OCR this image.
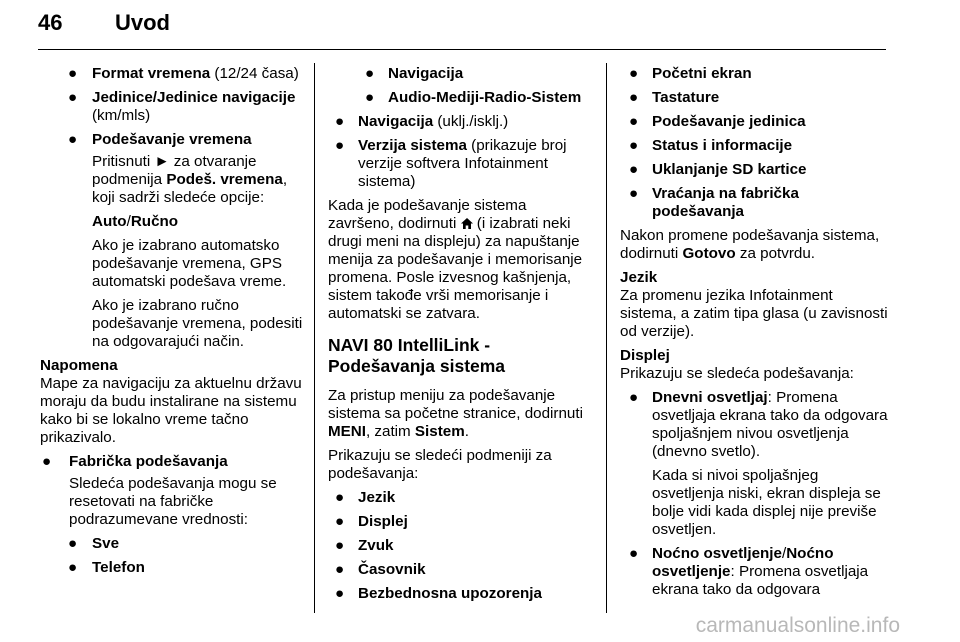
46 Uvod
● Format vremena (12/24 časa)
● Jedinice/Jedinice navigacije (km/mls)
● Podešavanje vremena
Pritisnuti ► za otvaranje podmenija Podeš. vremena, koji sadrži sledeće opcije:
Auto/Ručno
Ako je izabrano automatsko podešavanje vremena, GPS automatski podešava vreme.
Ako je izabrano ručno podešavanje vremena, podesiti na odgovarajući način.
Napomena
Mape za navigaciju za aktuelnu državu moraju da budu instalirane na sistemu kako bi se lokalno vreme tačno prikazivalo.
● Fabrička podešavanja
Sledeća podešavanja mogu se resetovati na fabričke podrazumevane vrednosti:
● Sve
● Telefon
● Navigacija
● Audio-Mediji-Radio-Sistem
● Navigacija (uklj./isklj.)
● Verzija sistema (prikazuje broj verzije softvera Infotainment sistema)
Kada je podešavanje sistema završeno, dodirnuti  (i izabrati neki drugi meni na displeju) za napuštanje menija za podešavanje i memorisanje promena. Posle izvesnog kašnjenja, sistem takođe vrši memorisanje i automatski se zatvara.
NAVI 80 IntelliLink - Podešavanja sistema
Za pristup meniju za podešavanje sistema sa početne stranice, dodirnuti MENI, zatim Sistem.
Prikazuju se sledeći podmeniji za podešavanja:
● Jezik
● Displej
● Zvuk
● Časovnik
● Bezbednosna upozorenja
● Početni ekran
● Tastature
● Podešavanje jedinica
● Status i informacije
● Uklanjanje SD kartice
● Vraćanja na fabrička podešavanja
Nakon promene podešavanja sistema, dodirnuti Gotovo za potvrdu.
Jezik
Za promenu jezika Infotainment sistema, a zatim tipa glasa (u zavisnosti od verzije).
Displej
Prikazuju se sledeća podešavanja:
● Dnevni osvetljaj: Promena osvetljaja ekrana tako da odgovara spoljašnjem nivou osvetljenja (dnevno svetlo).
Kada si nivoi spoljašnjeg osvetljenja niski, ekran displeja se bolje vidi kada displej nije previše osvetljen.
● Noćno osvetljenje/Noćno osvetljenje: Promena osvetljaja ekrana tako da odgovara
carmanualsonline.info
